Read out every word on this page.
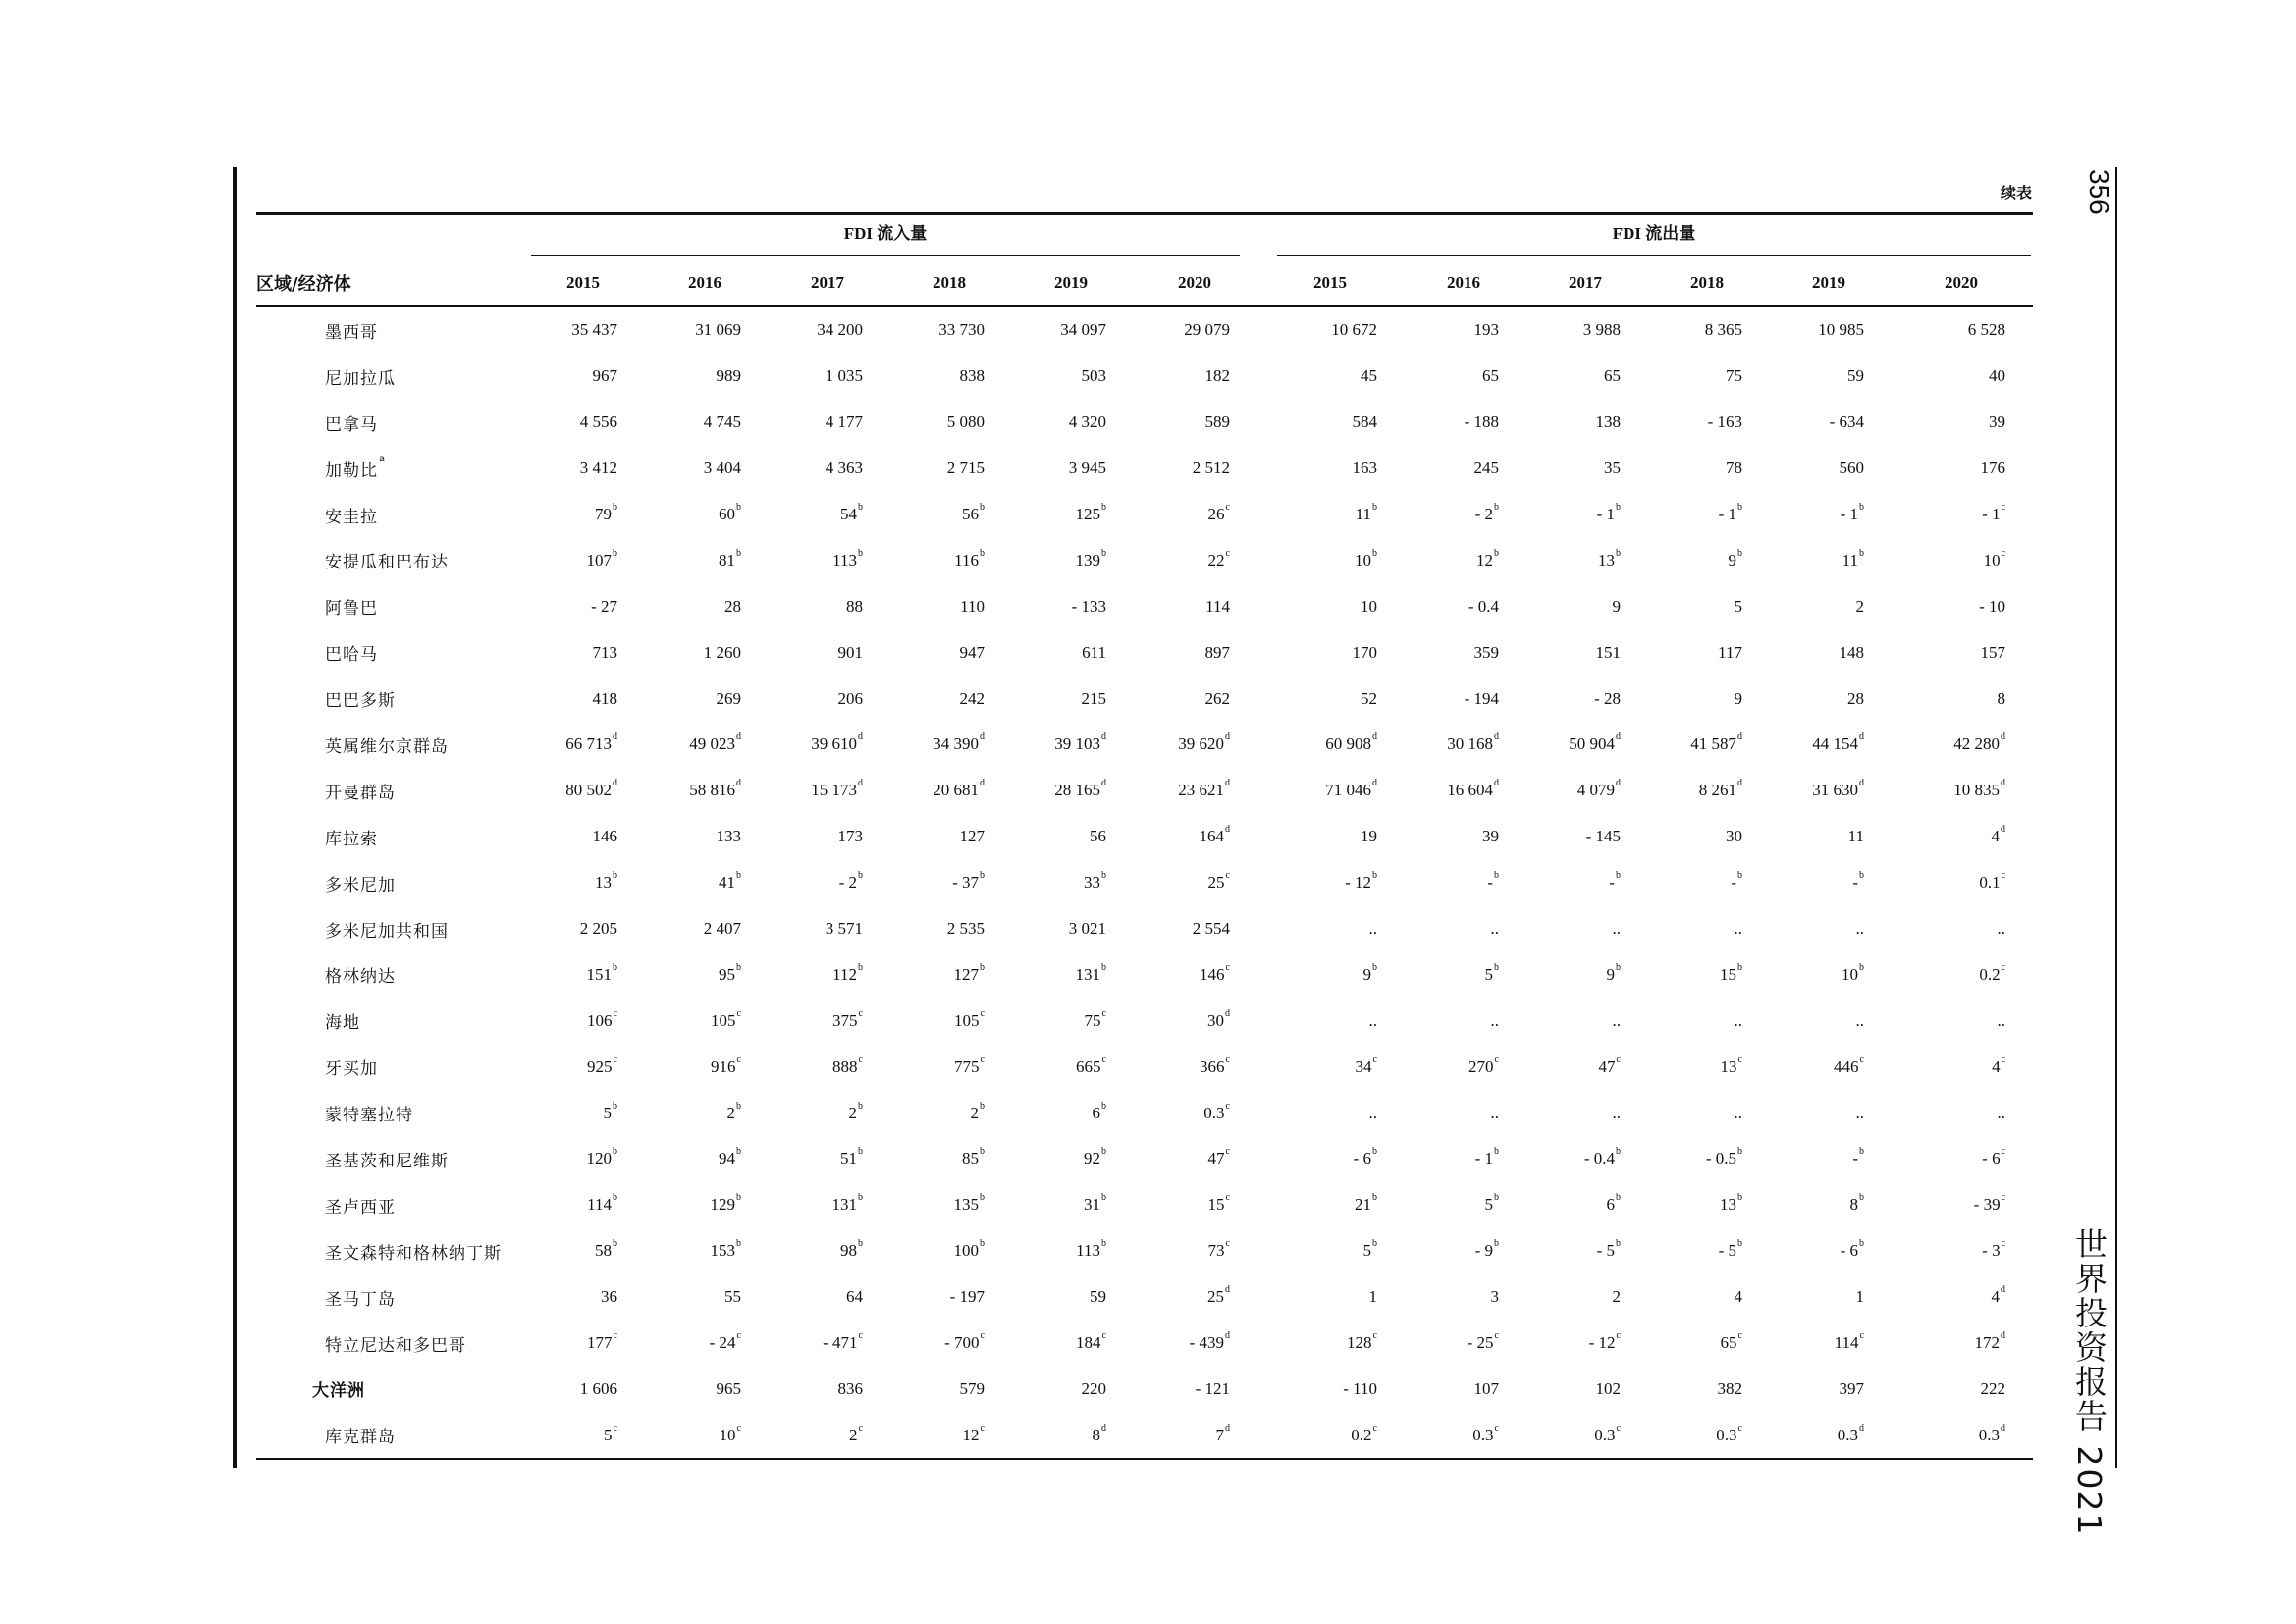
356
世界投资报告 2021
续表

	FDI 流入量						FDI 流出量					

区域/经济体	2015	2016	2017	2018	2019	2020	2015	2016	2017	2018	2019	2020
墨西哥	35 437	31 069	34 200	33 730	34 097	29 079	10 672	193	3 988	8 365	10 985	6 528
尼加拉瓜	967	989	1 035	838	503	182	45	65	65	75	59	40
巴拿马	4 556	4 745	4 177	5 080	4 320	589	584	- 188	138	- 163	- 634	39
加勒比$^a$	3 412	3 404	4 363	2 715	3 945	2 512	163	245	35	78	560	176
安圭拉	79$^b$	60$^b$	54$^b$	56$^b$	125$^b$	26$^c$	11$^b$	- 2$^b$	- 1$^b$	- 1$^b$	- 1$^b$	- 1$^c$
安提瓜和巴布达	107$^b$	81$^b$	113$^b$	116$^b$	139$^b$	22$^c$	10$^b$	12$^b$	13$^b$	9$^b$	11$^b$	10$^c$
阿鲁巴	- 27	28	88	110	- 133	114	10	- 0.4	9	5	2	- 10
巴哈马	713	1 260	901	947	611	897	170	359	151	117	148	157
巴巴多斯	418	269	206	242	215	262	52	- 194	- 28	9	28	8
英属维尔京群岛	66 713$^d$	49 023$^d$	39 610$^d$	34 390$^d$	39 103$^d$	39 620$^d$	60 908$^d$	30 168$^d$	50 904$^d$	41 587$^d$	44 154$^d$	42 280$^d$
开曼群岛	80 502$^d$	58 816$^d$	15 173$^d$	20 681$^d$	28 165$^d$	23 621$^d$	71 046$^d$	16 604$^d$	4 079$^d$	8 261$^d$	31 630$^d$	10 835$^d$
库拉索	146	133	173	127	56	164$^d$	19	39	- 145	30	11	4$^d$
多米尼加	13$^b$	41$^b$	- 2$^b$	- 37$^b$	33$^b$	25$^c$	- 12$^b$	-$^b$	-$^b$	-$^b$	-$^b$	0.1$^c$
多米尼加共和国	2 205	2 407	3 571	2 535	3 021	2 554	..	..	..	..	..	..
格林纳达	151$^b$	95$^b$	112$^b$	127$^b$	131$^b$	146$^c$	9$^b$	5$^b$	9$^b$	15$^b$	10$^b$	0.2$^c$
海地	106$^c$	105$^c$	375$^c$	105$^c$	75$^c$	30$^d$	..	..	..	..	..	..
牙买加	925$^c$	916$^c$	888$^c$	775$^c$	665$^c$	366$^c$	34$^c$	270$^c$	47$^c$	13$^c$	446$^c$	4$^c$
蒙特塞拉特	5$^b$	2$^b$	2$^b$	2$^b$	6$^b$	0.3$^c$	..	..	..	..	..	..
圣基茨和尼维斯	120$^b$	94$^b$	51$^b$	85$^b$	92$^b$	47$^c$	- 6$^b$	- 1$^b$	- 0.4$^b$	- 0.5$^b$	-$^b$	- 6$^c$
圣卢西亚	114$^b$	129$^b$	131$^b$	135$^b$	31$^b$	15$^c$	21$^b$	5$^b$	6$^b$	13$^b$	8$^b$	- 39$^c$
圣文森特和格林纳丁斯	58$^b$	153$^b$	98$^b$	100$^b$	113$^b$	73$^c$	5$^b$	- 9$^b$	- 5$^b$	- 5$^b$	- 6$^b$	- 3$^c$
圣马丁岛	36	55	64	- 197	59	25$^d$	1	3	2	4	1	4$^d$
特立尼达和多巴哥	177$^c$	- 24$^c$	- 471$^c$	- 700$^c$	184$^c$	- 439$^d$	128$^c$	- 25$^c$	- 12$^c$	65$^c$	114$^c$	172$^d$
大洋洲	1 606	965	836	579	220	- 121	- 110	107	102	382	397	222
库克群岛	5$^c$	10$^c$	2$^c$	12$^c$	8$^d$	7$^d$	0.2$^c$	0.3$^c$	0.3$^c$	0.3$^c$	0.3$^d$	0.3$^d$
